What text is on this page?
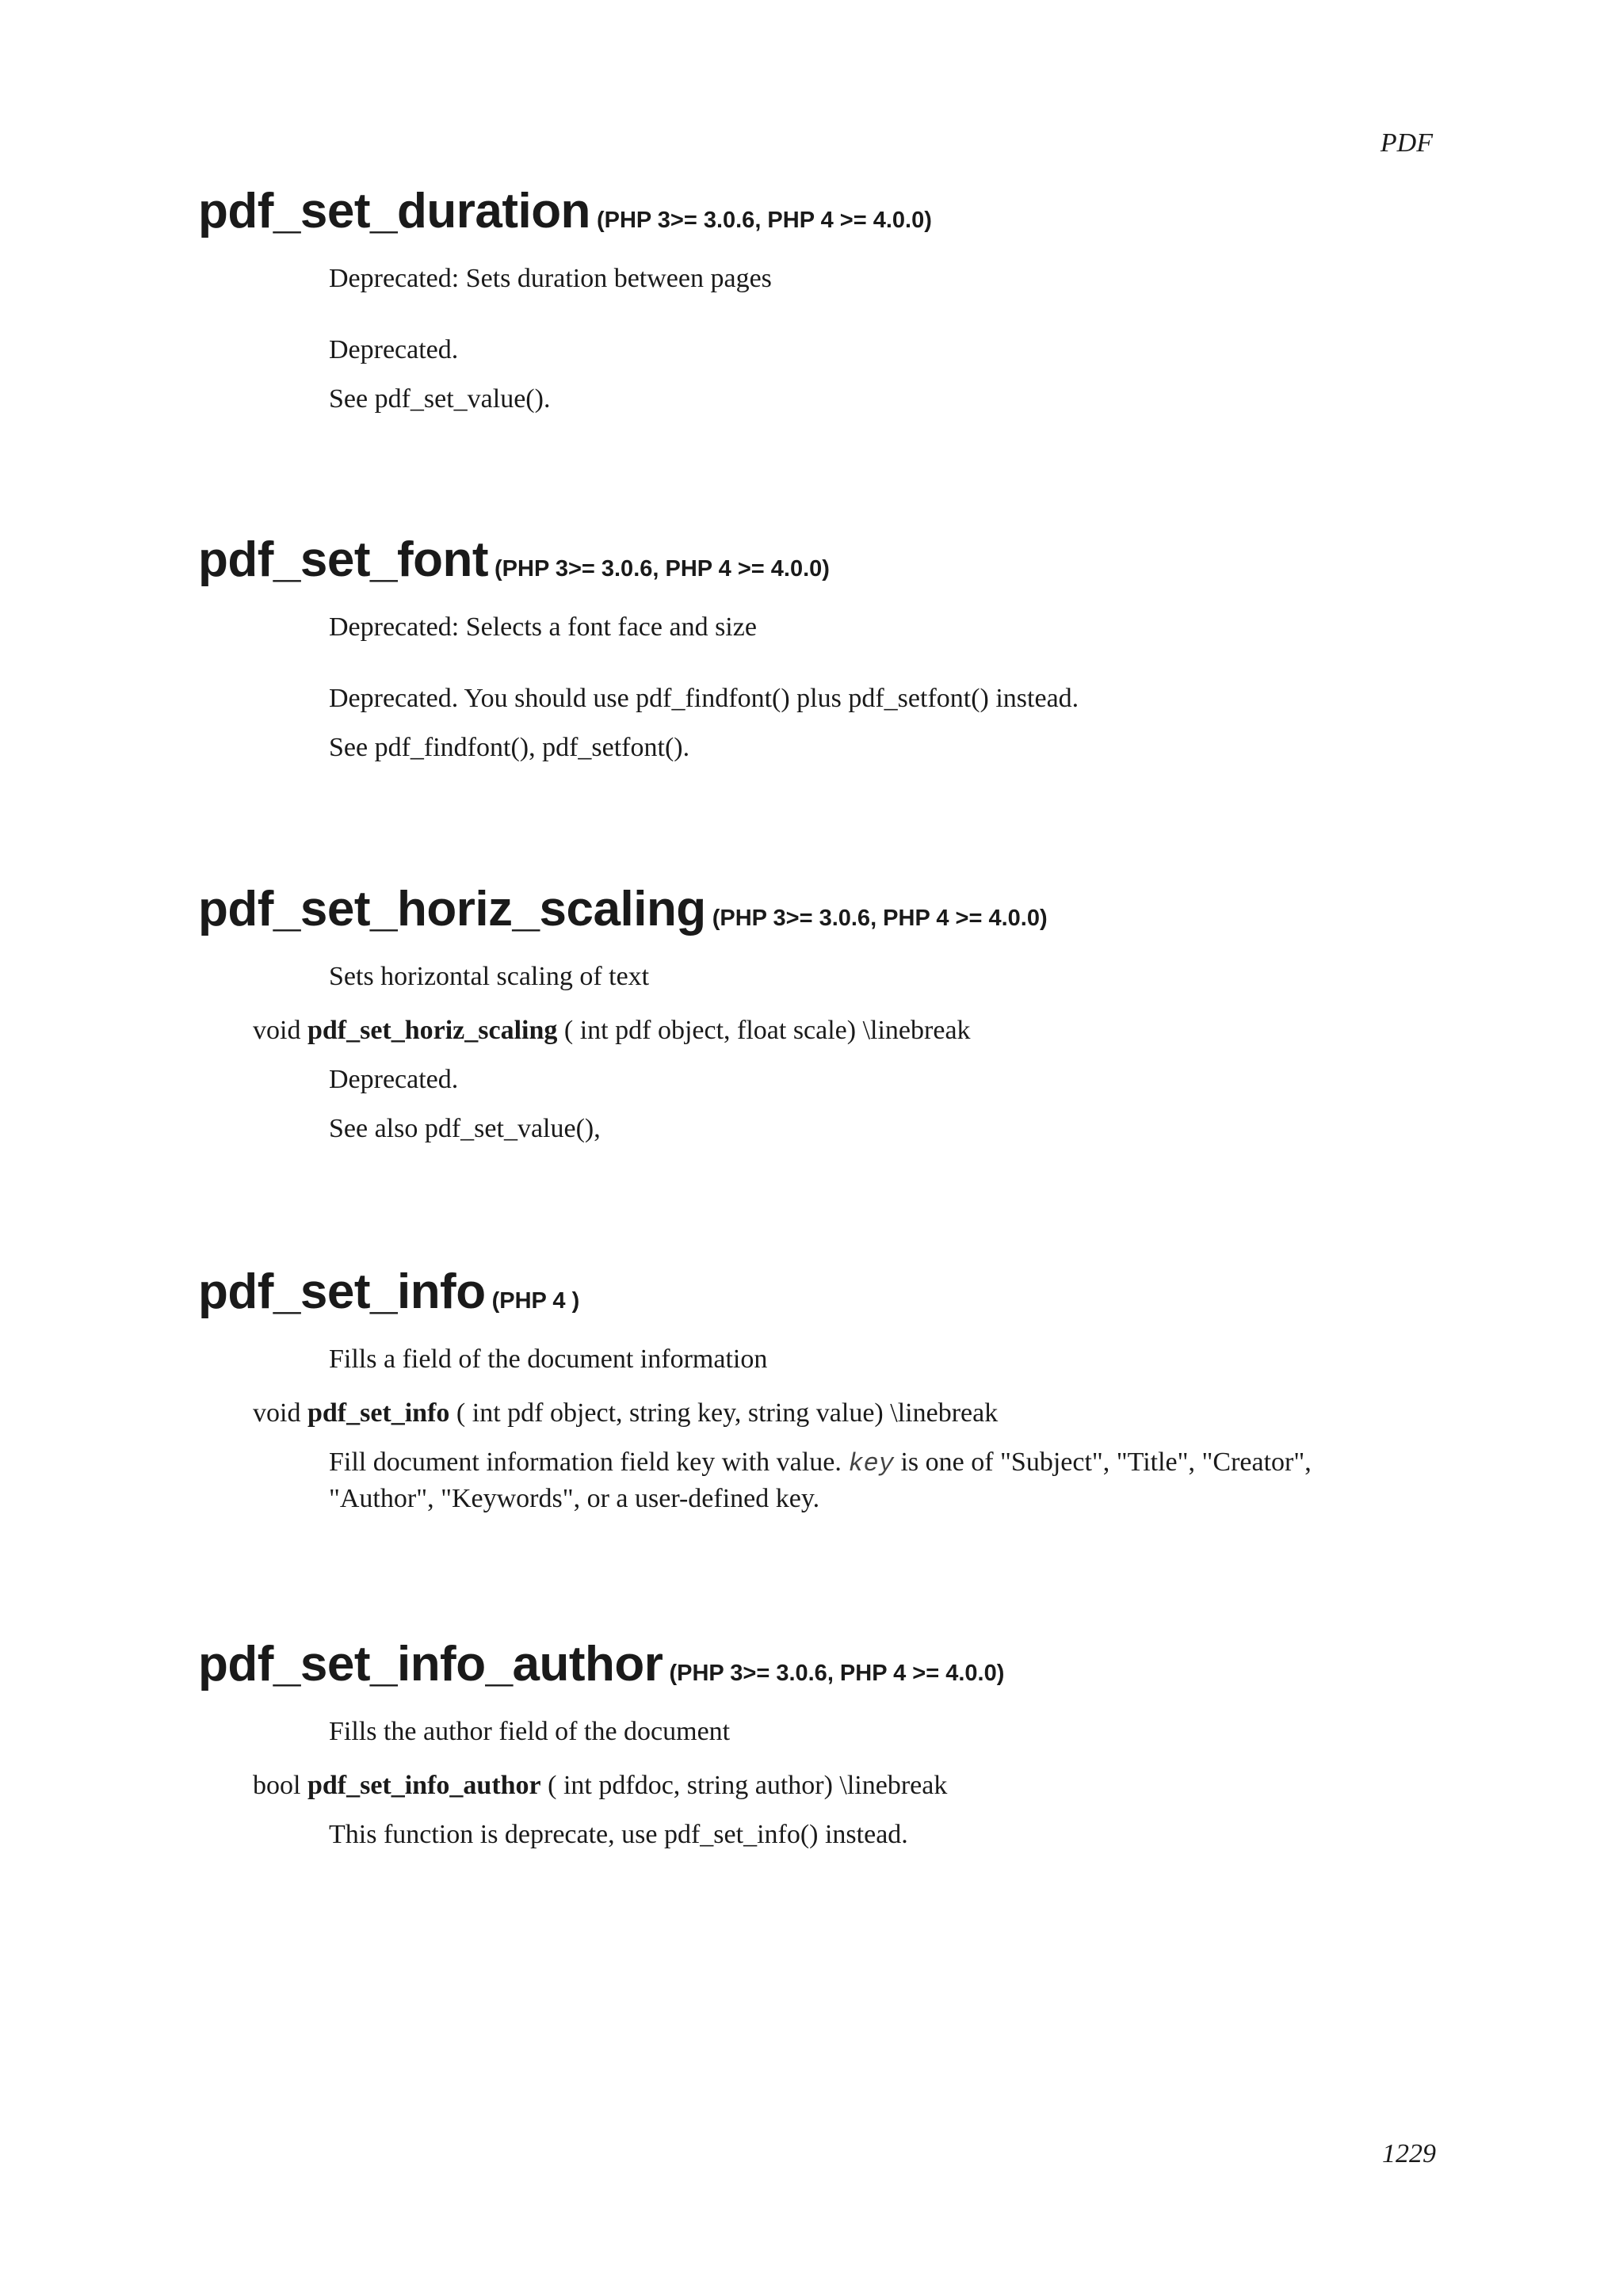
PDF
pdf_set_duration (PHP 3>= 3.0.6, PHP 4 >= 4.0.0)

Deprecated: Sets duration between pages

Deprecated.

See pdf_set_value().

pdf_set_font (PHP 3>= 3.0.6, PHP 4 >= 4.0.0)

Deprecated: Selects a font face and size

Deprecated. You should use pdf_findfont() plus pdf_setfont() instead.

See pdf_findfont(), pdf_setfont().

pdf_set_horiz_scaling (PHP 3>= 3.0.6, PHP 4 >= 4.0.0)

Sets horizontal scaling of text

void pdf_set_horiz_scaling ( int pdf object, float scale) \linebreak

Deprecated.

See also pdf_set_value(),

pdf_set_info (PHP 4 )

Fills a field of the document information

void pdf_set_info ( int pdf object, string key, string value) \linebreak

Fill document information field key with value. key is one of "Subject", "Title", "Creator", "Author", "Keywords", or a user-defined key.

pdf_set_info_author (PHP 3>= 3.0.6, PHP 4 >= 4.0.0)

Fills the author field of the document

bool pdf_set_info_author ( int pdfdoc, string author) \linebreak

This function is deprecate, use pdf_set_info() instead.

1229
